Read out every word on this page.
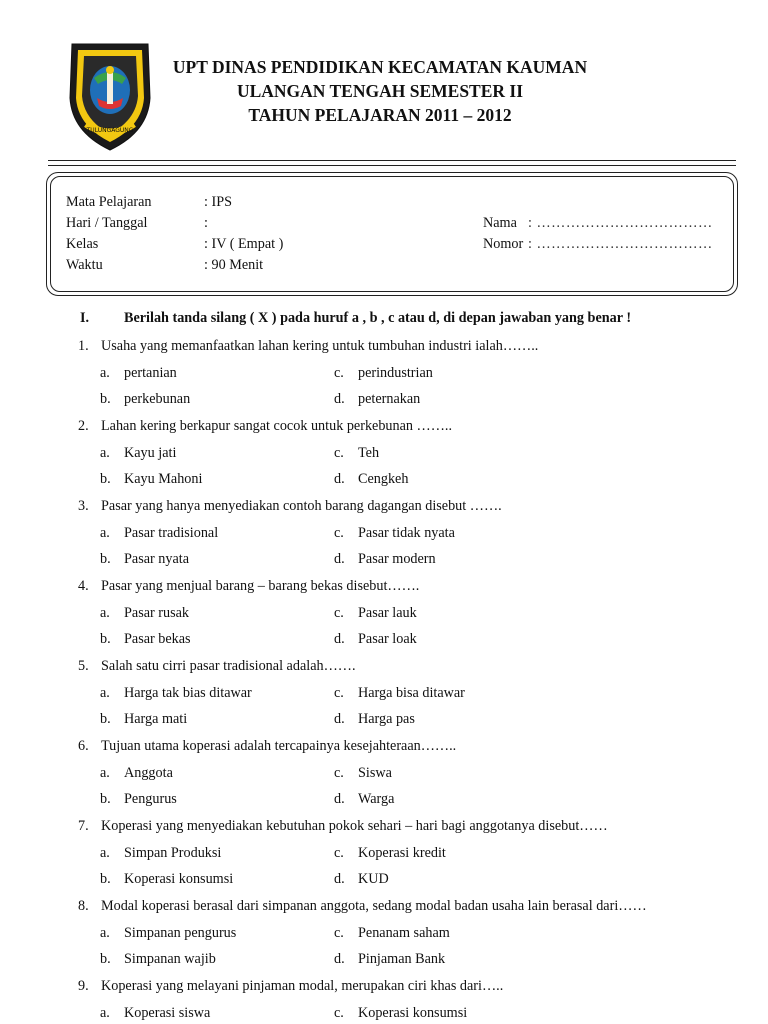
TULUNGAGUNG
UPT DINAS PENDIDIKAN KECAMATAN KAUMAN
ULANGAN TENGAH SEMESTER II
TAHUN PELAJARAN 2011 – 2012
Mata Pelajaran	: IPS
Hari / Tanggal	:
Kelas	: IV ( Empat )
Waktu	: 90 Menit
Nama : ………………………………
Nomor : ………………………………
I. Berilah tanda silang ( X ) pada huruf a , b , c atau d, di depan jawaban yang benar !
1. Usaha yang memanfaatkan lahan kering untuk tumbuhan industri ialah……..
a. pertanian	c. perindustrian
b. perkebunan	d. peternakan
2. Lahan kering berkapur sangat cocok untuk perkebunan ……..
a. Kayu jati	c. Teh
b. Kayu Mahoni	d. Cengkeh
3. Pasar yang hanya menyediakan contoh barang dagangan disebut …….
a. Pasar tradisional	c. Pasar tidak nyata
b. Pasar nyata	d. Pasar modern
4. Pasar yang menjual barang – barang bekas disebut…….
a. Pasar rusak	c. Pasar lauk
b. Pasar bekas	d. Pasar loak
5. Salah satu cirri pasar tradisional adalah…….
a. Harga tak bias ditawar	c. Harga bisa ditawar
b. Harga mati	d. Harga pas
6. Tujuan utama koperasi adalah tercapainya kesejahteraan……..
a. Anggota	c. Siswa
b. Pengurus	d. Warga
7. Koperasi yang menyediakan kebutuhan pokok sehari – hari bagi anggotanya disebut……
a. Simpan Produksi	c. Koperasi kredit
b. Koperasi konsumsi	d. KUD
8. Modal koperasi berasal dari simpanan anggota, sedang modal badan usaha lain berasal dari……
a. Simpanan pengurus	c. Penanam saham
b. Simpanan wajib	d. Pinjaman Bank
9. Koperasi yang melayani pinjaman modal, merupakan ciri khas dari…..
a. Koperasi siswa	c. Koperasi konsumsi
